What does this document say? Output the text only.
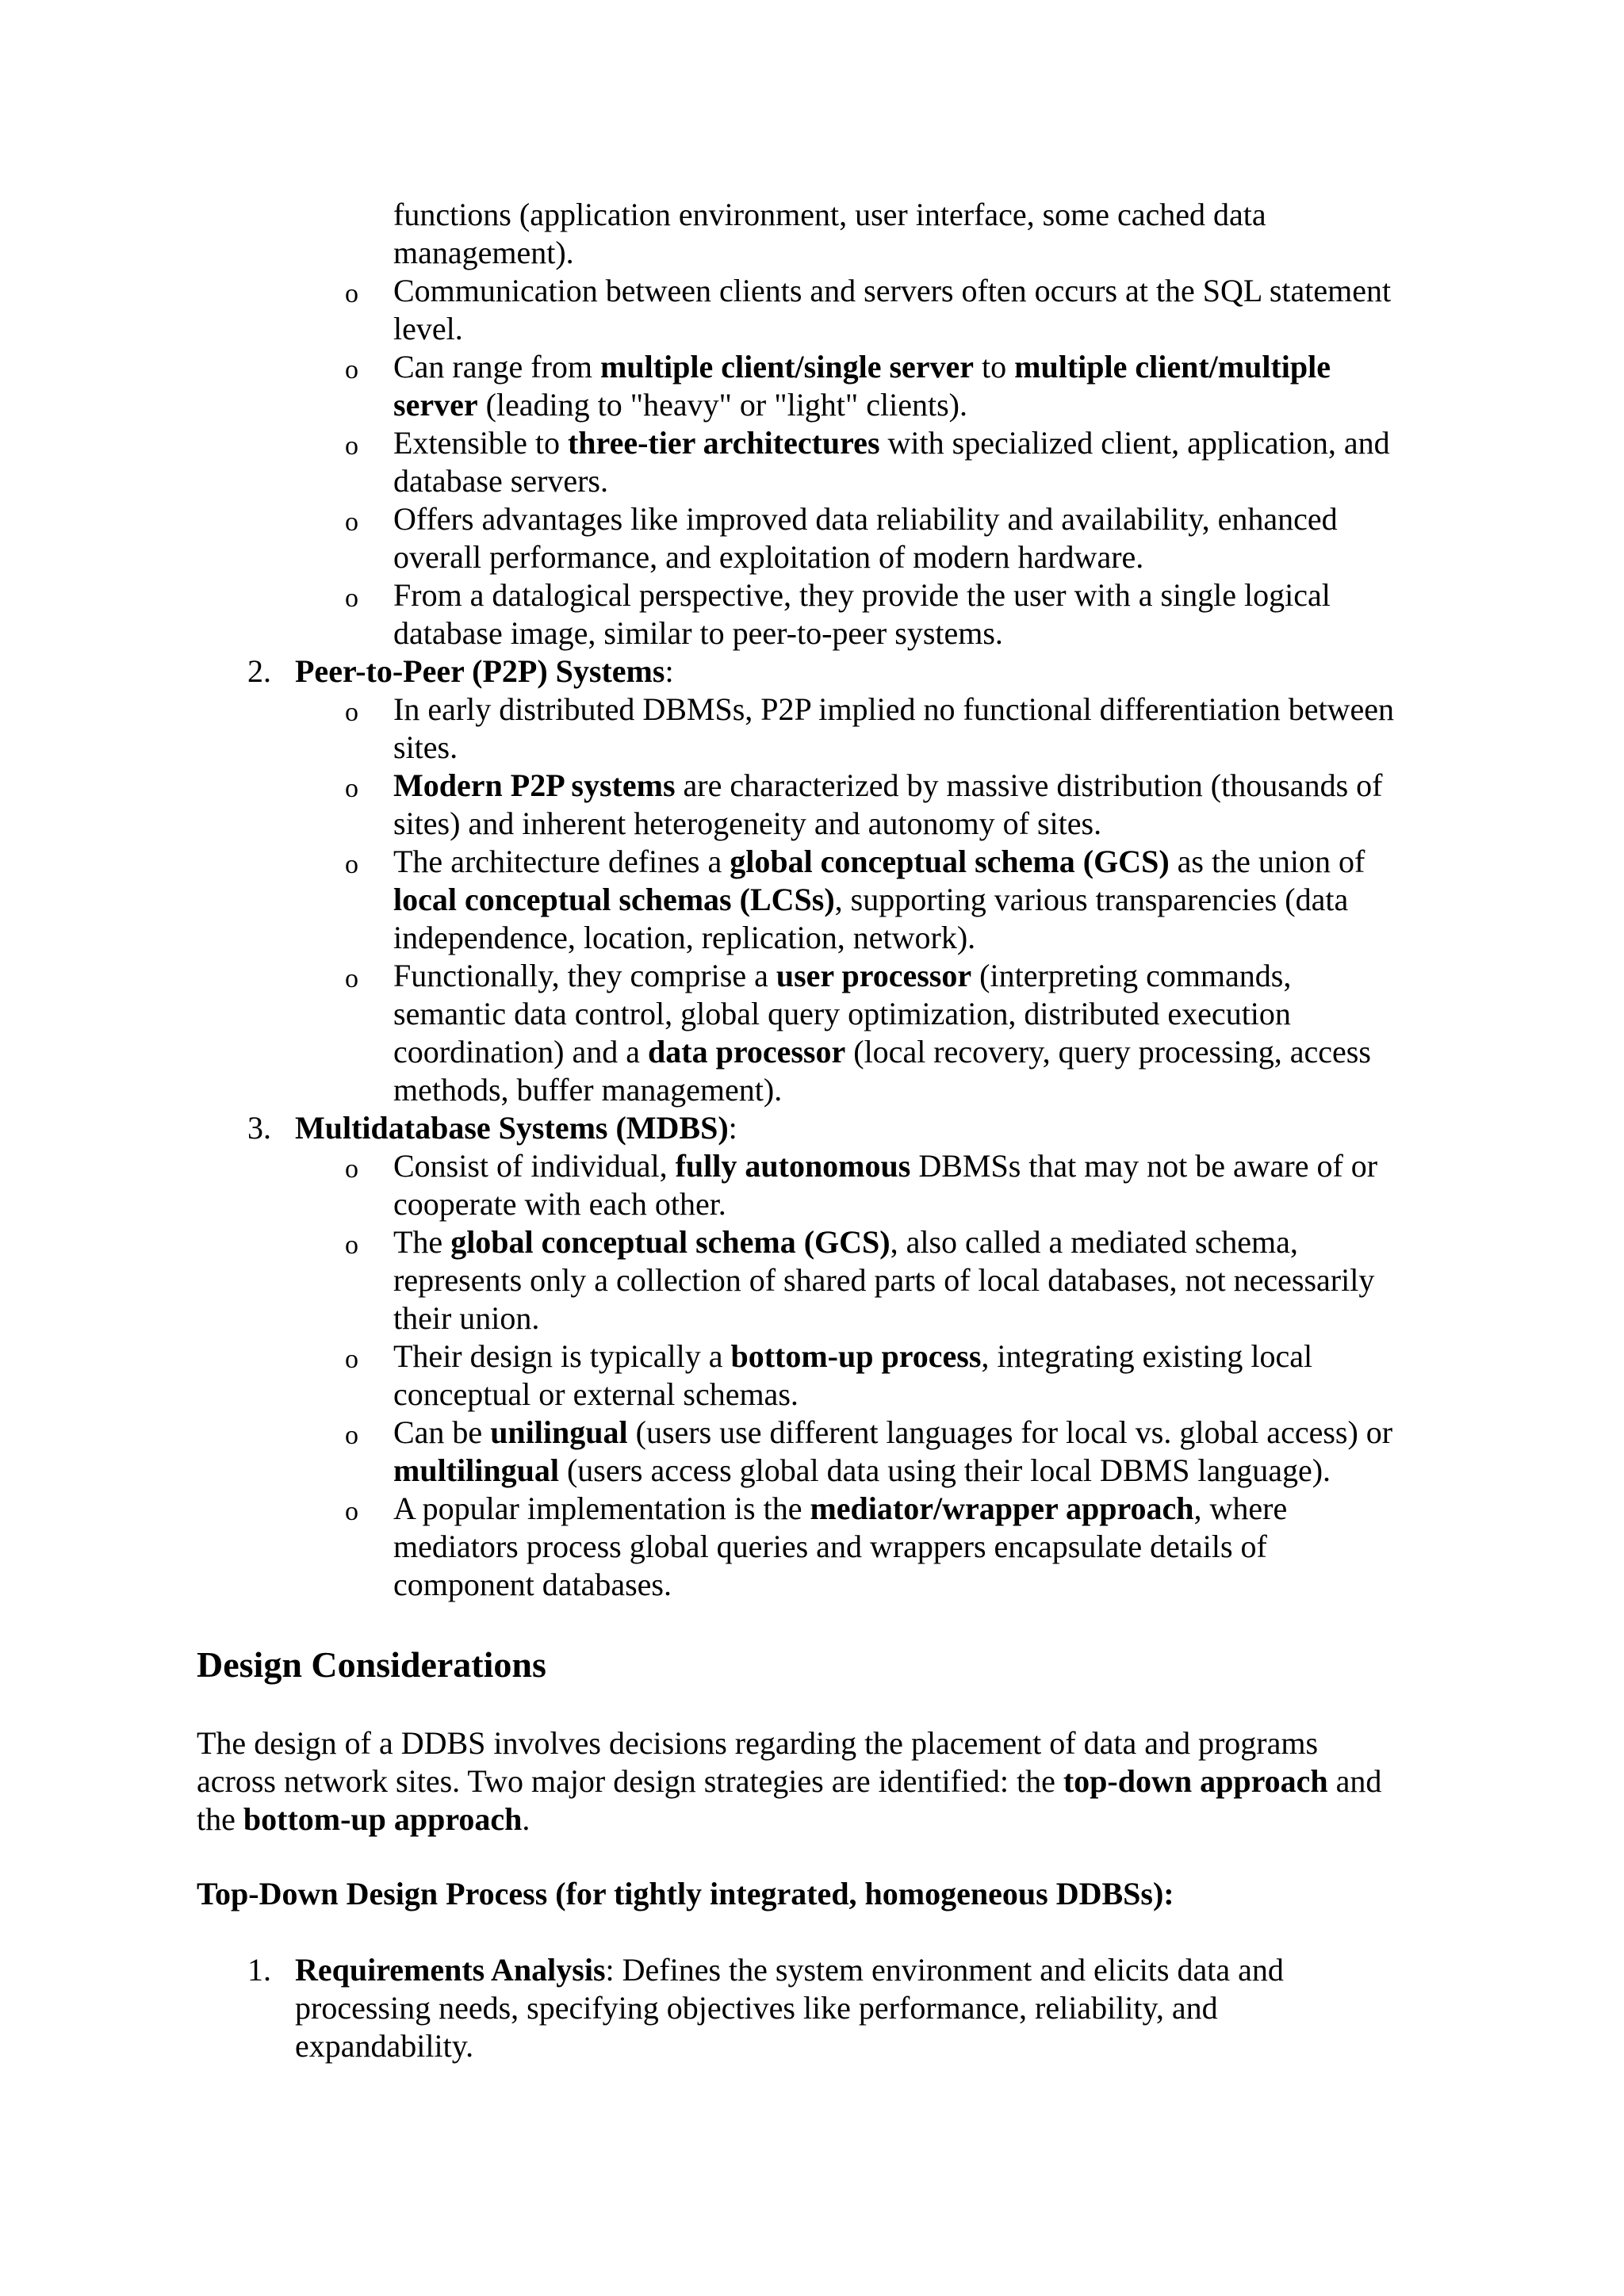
functions (application environment, user interface, some cached data
management).
o Communication between clients and servers often occurs at the SQL statement
level.
o Can range from multiple client/single server to multiple client/multiple
server (leading to "heavy" or "light" clients).
o Extensible to three-tier architectures with specialized client, application, and
database servers.
o Offers advantages like improved data reliability and availability, enhanced
overall performance, and exploitation of modern hardware.
o From a datalogical perspective, they provide the user with a single logical
database image, similar to peer-to-peer systems.
2. Peer-to-Peer (P2P) Systems:
o In early distributed DBMSs, P2P implied no functional differentiation between
sites.
o Modern P2P systems are characterized by massive distribution (thousands of
sites) and inherent heterogeneity and autonomy of sites.
o The architecture defines a global conceptual schema (GCS) as the union of
local conceptual schemas (LCSs), supporting various transparencies (data
independence, location, replication, network).
o Functionally, they comprise a user processor (interpreting commands,
semantic data control, global query optimization, distributed execution
coordination) and a data processor (local recovery, query processing, access
methods, buffer management).
3. Multidatabase Systems (MDBS):
o Consist of individual, fully autonomous DBMSs that may not be aware of or
cooperate with each other.
o The global conceptual schema (GCS), also called a mediated schema,
represents only a collection of shared parts of local databases, not necessarily
their union.
o Their design is typically a bottom-up process, integrating existing local
conceptual or external schemas.
o Can be unilingual (users use different languages for local vs. global access) or
multilingual (users access global data using their local DBMS language).
o A popular implementation is the mediator/wrapper approach, where
mediators process global queries and wrappers encapsulate details of
component databases.
Design Considerations
The design of a DDBS involves decisions regarding the placement of data and programs
across network sites. Two major design strategies are identified: the top-down approach and
the bottom-up approach.
Top-Down Design Process (for tightly integrated, homogeneous DDBSs):
1. Requirements Analysis: Defines the system environment and elicits data and
processing needs, specifying objectives like performance, reliability, and
expandability.
